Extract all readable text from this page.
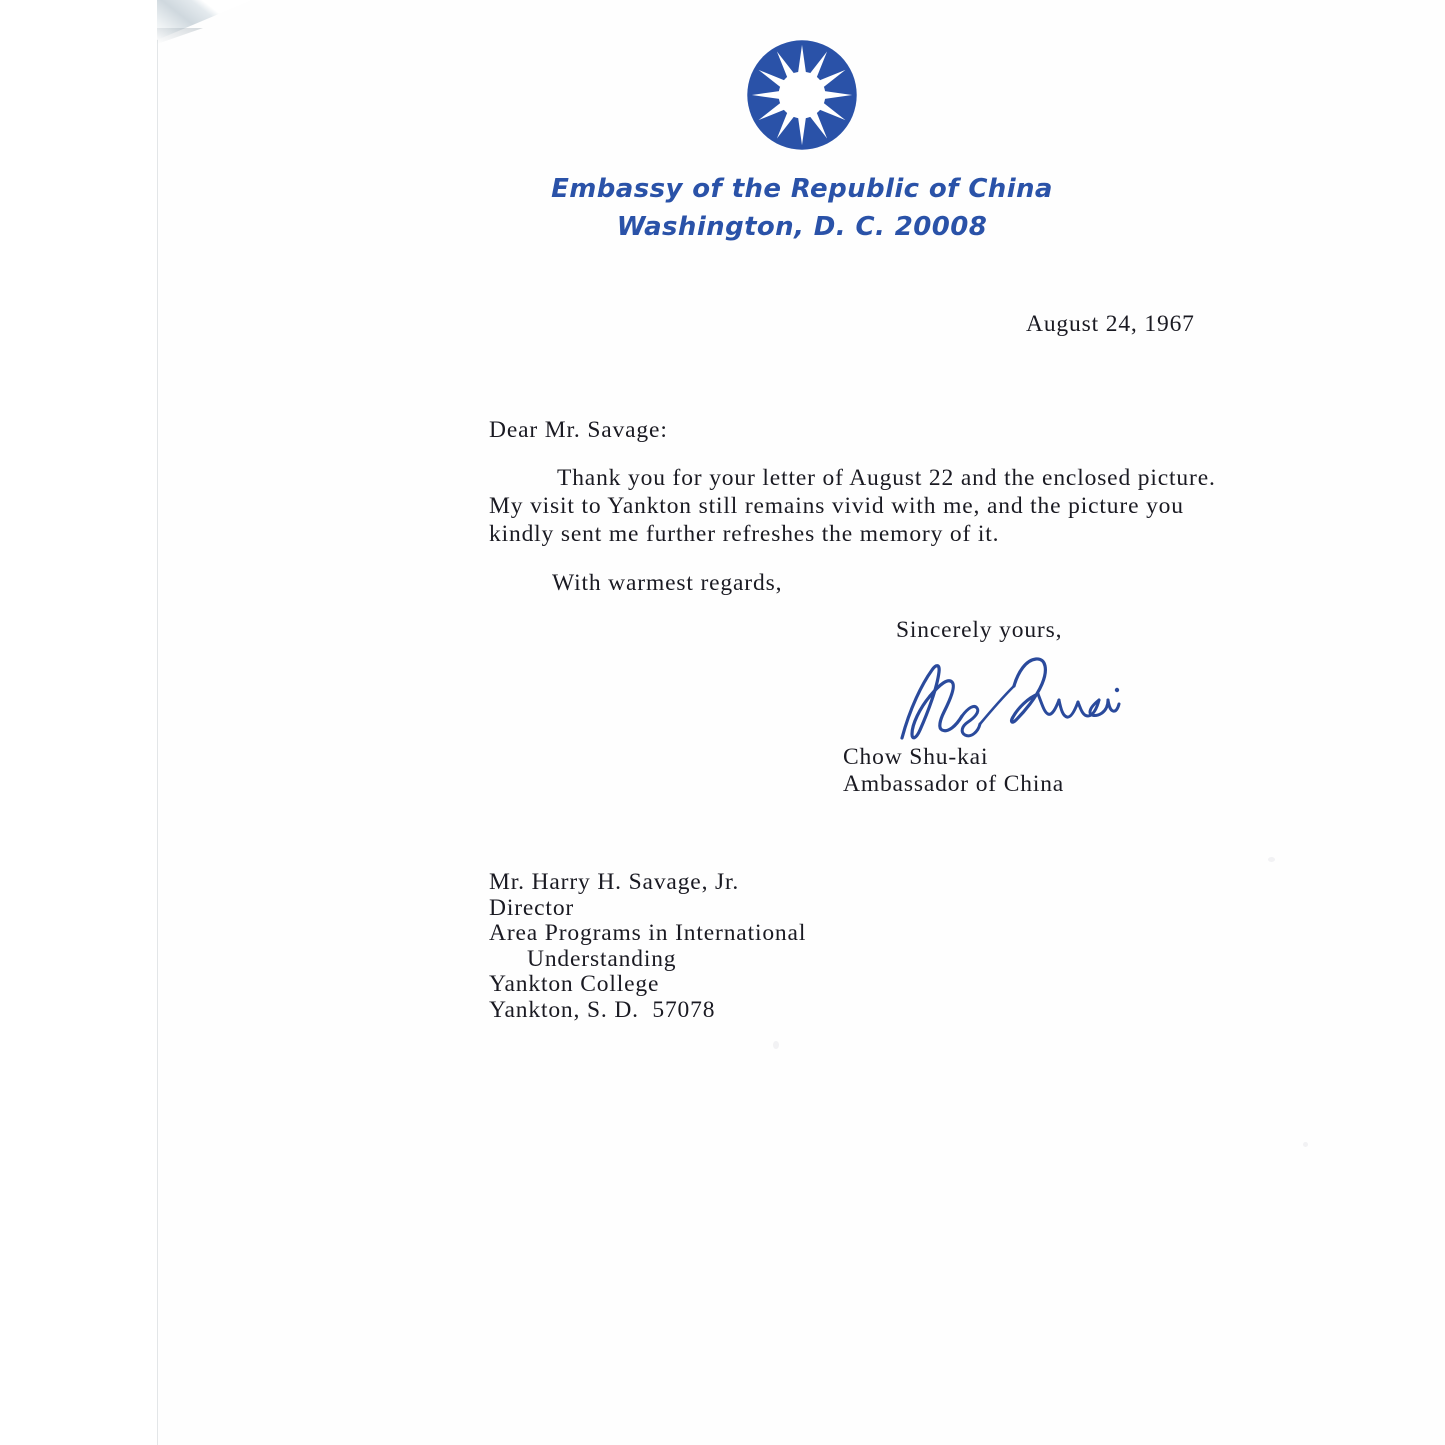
Embassy of the Republic of China
Washington, D. C. 20008
August 24, 1967
Dear Mr. Savage:
Thank you for your letter of August 22 and the enclosed picture.
My visit to Yankton still remains vivid with me, and the picture you
kindly sent me further refreshes the memory of it.
With warmest regards,
Sincerely yours,
Chow Shu-kai
Ambassador of China
Mr. Harry H. Savage, Jr.
Director
Area Programs in International
Understanding
Yankton College
Yankton, S. D.  57078
